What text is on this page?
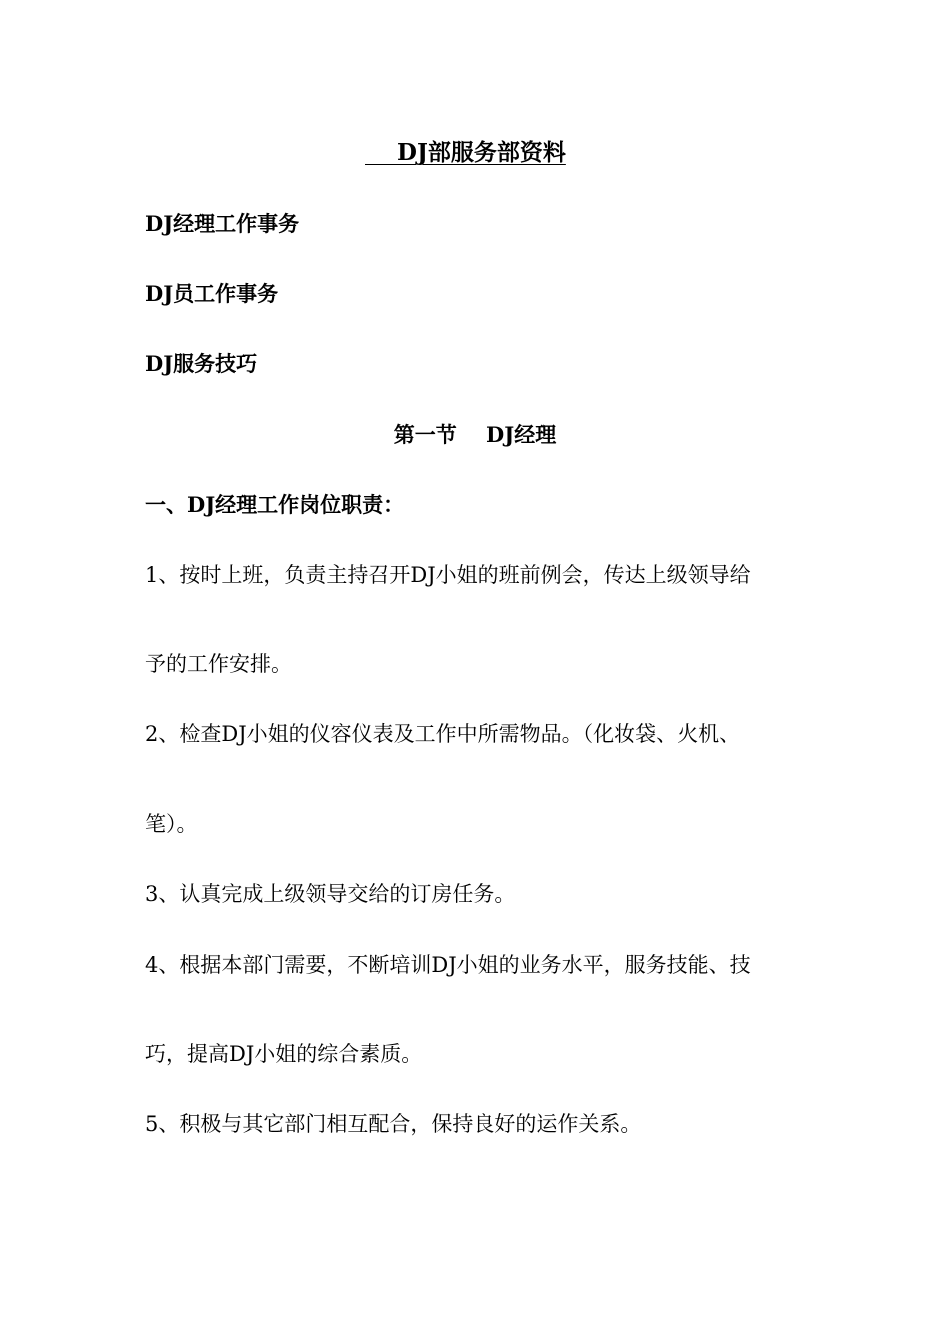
DJ部服务部资料
DJ经理工作事务
DJ员工作事务
DJ服务技巧
第一节    DJ经理
一、DJ经理工作岗位职责：
1、按时上班，负责主持召开DJ小姐的班前例会，传达上级领导给
予的工作安排。
2、检查DJ小姐的仪容仪表及工作中所需物品。（化妆袋、火机、
笔）。
3、认真完成上级领导交给的订房任务。
4、根据本部门需要，不断培训DJ小姐的业务水平，服务技能、技
巧，提高DJ小姐的综合素质。
5、积极与其它部门相互配合，保持良好的运作关系。
